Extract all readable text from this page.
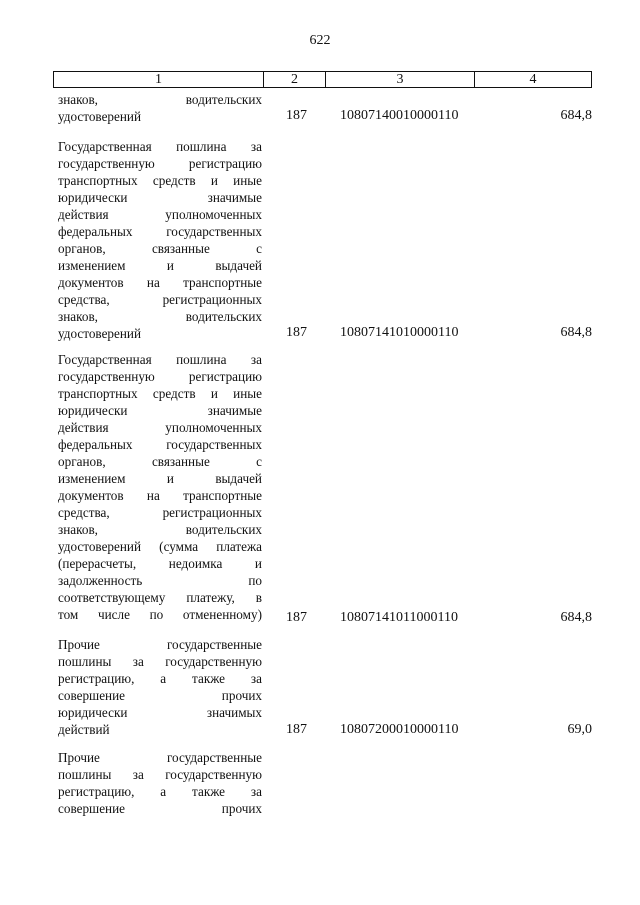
622
1	2	3	4
знаков, водительских
удостоверений	187	10807140010000110	684,8
Государственная пошлина за
государственную регистрацию
транспортных средств и иные
юридически значимые
действия уполномоченных
федеральных государственных
органов, связанные с
изменением и выдачей
документов на транспортные
средства, регистрационных
знаков, водительских
удостоверений	187	10807141010000110	684,8
Государственная пошлина за
государственную регистрацию
транспортных средств и иные
юридически значимые
действия уполномоченных
федеральных государственных
органов, связанные с
изменением и выдачей
документов на транспортные
средства, регистрационных
знаков, водительских
удостоверений (сумма платежа
(перерасчеты, недоимка и
задолженность по
соответствующему платежу, в
том числе по отмененному) 187	10807141011000110	684,8
Прочие государственные
пошлины за государственную
регистрацию, а также за
совершение прочих
юридически значимых
действий	187	10807200010000110	69,0
Прочие государственные
пошлины за государственную
регистрацию, а также за
совершение прочих
